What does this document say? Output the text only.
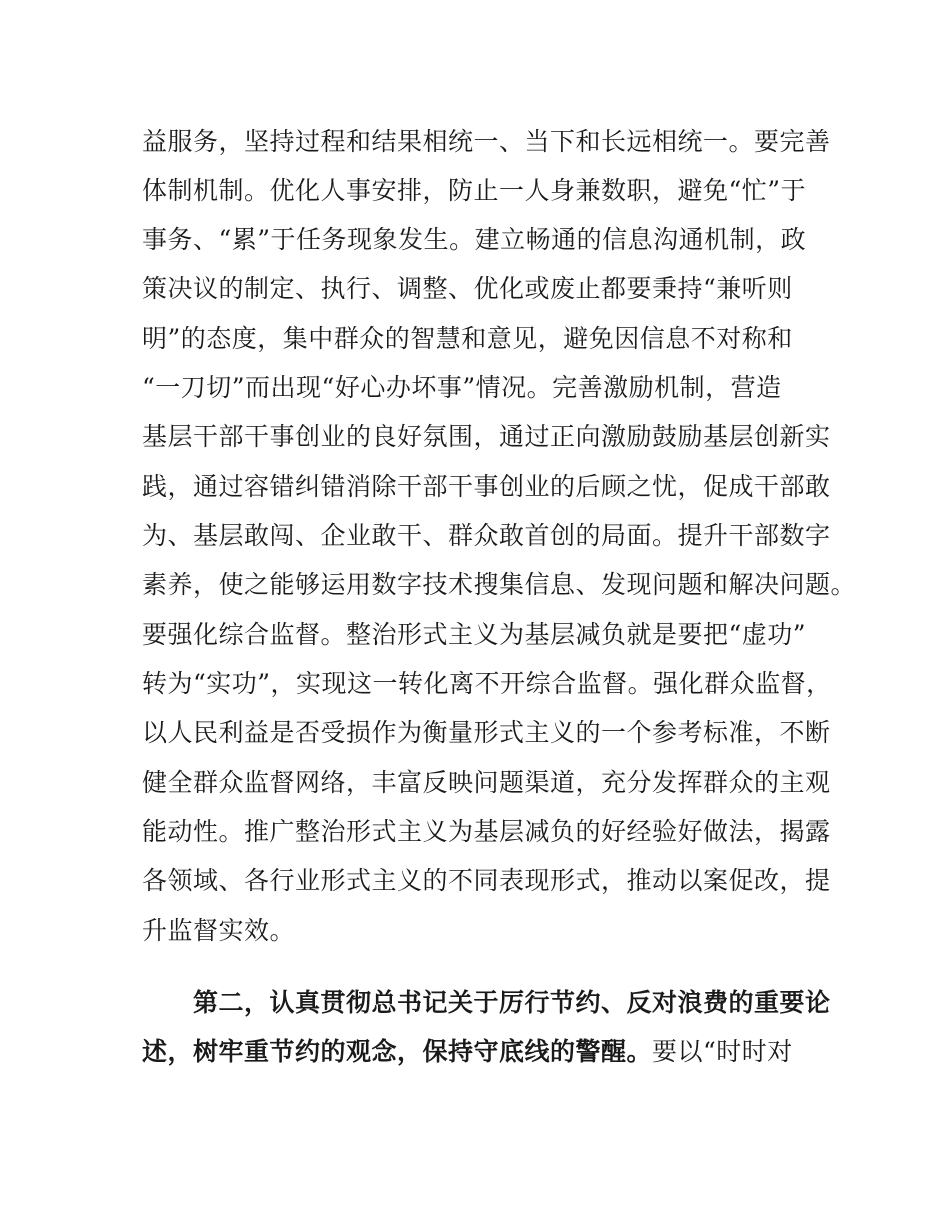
益服务，坚持过程和结果相统一、当下和长远相统一。要完善
体制机制。优化人事安排，防止一人身兼数职，避免“忙”于
事务、“累”于任务现象发生。建立畅通的信息沟通机制，政
策决议的制定、执行、调整、优化或废止都要秉持“兼听则
明”的态度，集中群众的智慧和意见，避免因信息不对称和
“一刀切”而出现“好心办坏事”情况。完善激励机制，营造
基层干部干事创业的良好氛围，通过正向激励鼓励基层创新实
践，通过容错纠错消除干部干事创业的后顾之忧，促成干部敢
为、基层敢闯、企业敢干、群众敢首创的局面。提升干部数字
素养，使之能够运用数字技术搜集信息、发现问题和解决问题。
要强化综合监督。整治形式主义为基层减负就是要把“虚功”
转为“实功”，实现这一转化离不开综合监督。强化群众监督，
以人民利益是否受损作为衡量形式主义的一个参考标准，不断
健全群众监督网络，丰富反映问题渠道，充分发挥群众的主观
能动性。推广整治形式主义为基层减负的好经验好做法，揭露
各领域、各行业形式主义的不同表现形式，推动以案促改，提
升监督实效。
　　第二，认真贯彻总书记关于厉行节约、反对浪费的重要论
述，树牢重节约的观念，保持守底线的警醒。要以“时时对
